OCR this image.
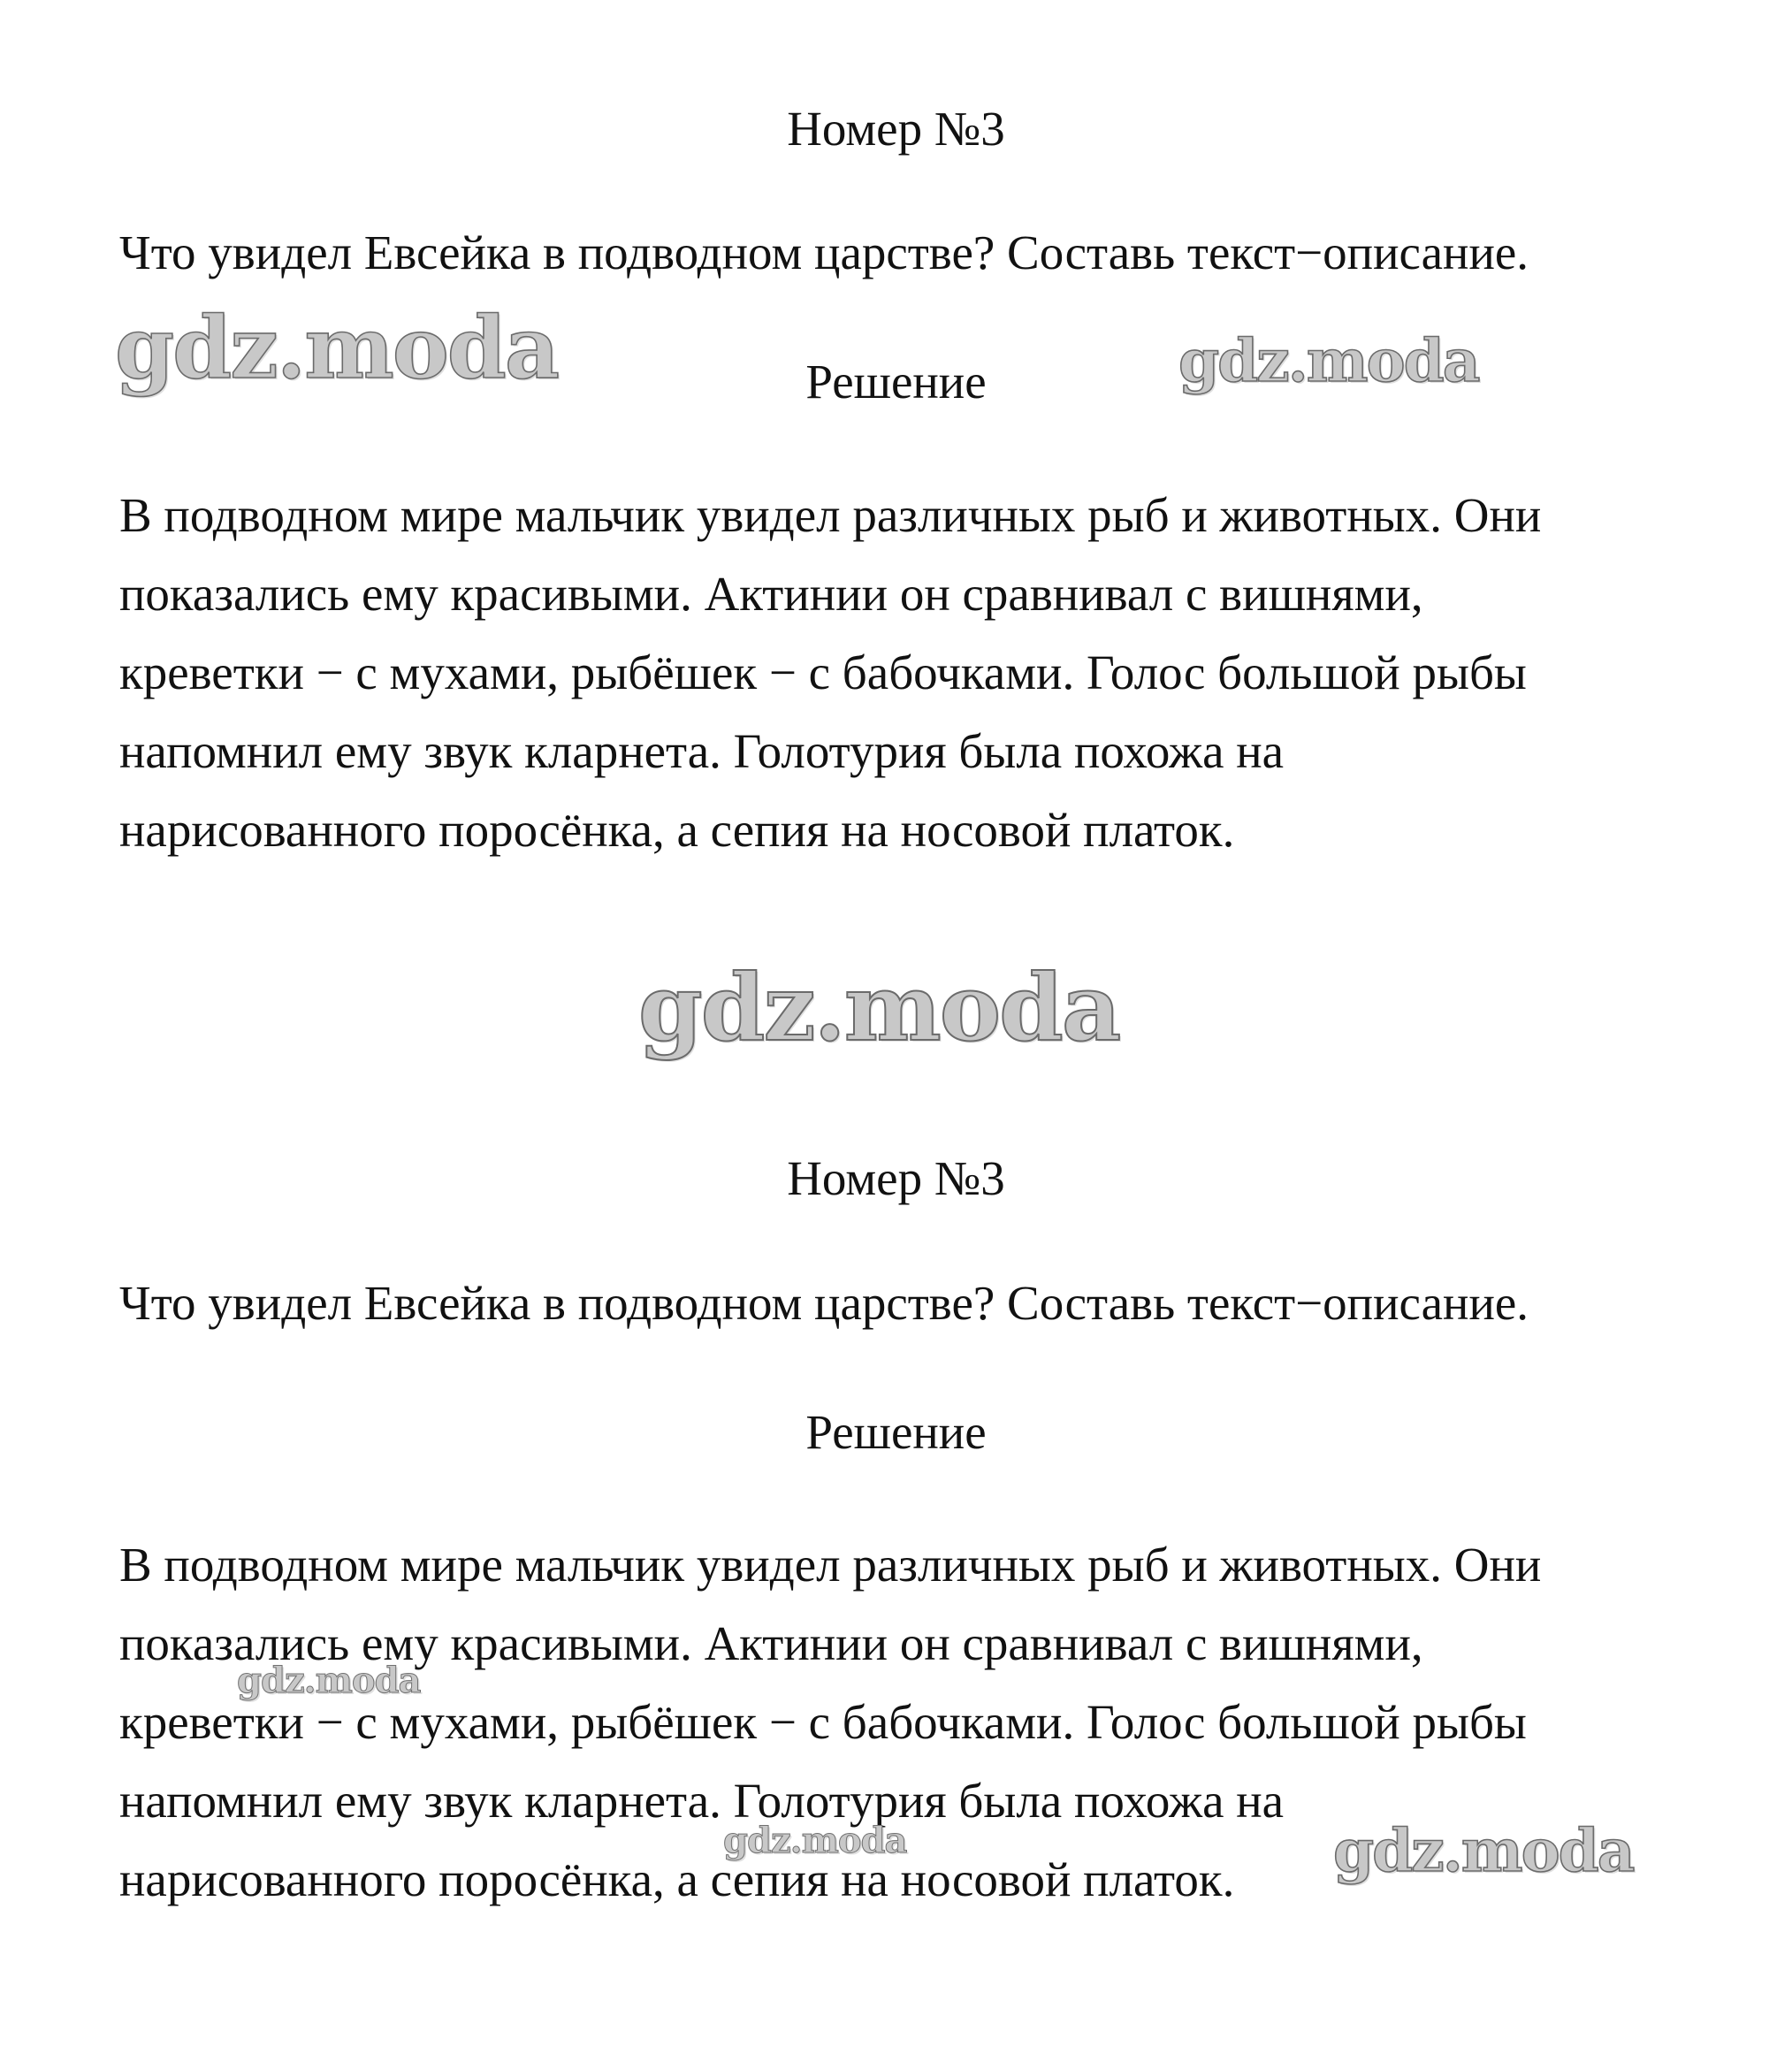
Номер №3
Что увидел Евсейка в подводном царстве? Составь текст−описание.
Решение
В подводном мире мальчик увидел различных рыб и животных. Они
показались ему красивыми. Актинии он сравнивал с вишнями,
креветки − с мухами, рыбёшек − с бабочками. Голос большой рыбы
напомнил ему звук кларнета. Голотурия была похожа на
нарисованного поросёнка, а сепия на носовой платок.
Номер №3
Что увидел Евсейка в подводном царстве? Составь текст−описание.
Решение
В подводном мире мальчик увидел различных рыб и животных. Они
показались ему красивыми. Актинии он сравнивал с вишнями,
креветки − с мухами, рыбёшек − с бабочками. Голос большой рыбы
напомнил ему звук кларнета. Голотурия была похожа на
нарисованного поросёнка, а сепия на носовой платок.
gdz.moda	gdz.moda
gdz.moda
gdz.moda
gdz.moda	gdz.moda
